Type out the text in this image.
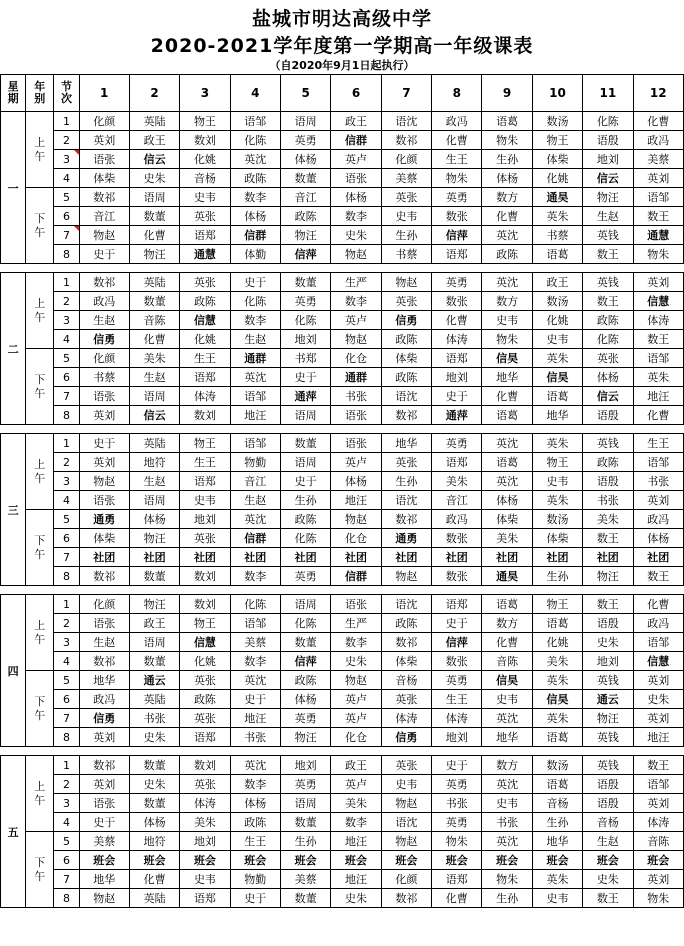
盐城市明达高级中学
2020-2021学年度第一学期高一年级课表
（自2020年9月1日起执行）
星
期	年
别	节
次	1	2	3	4	5	6	7	8	9	10	11	12
一	上
午	1	化颜	英陆	物王	语邹	语周	政王	语沈	政冯	语葛	数汤	化陈	化曹
		2	英刘	政王	数刘	化陈	英勇	信群	数祁	化曹	物朱	物王	语殷	政冯
		3	语张	信云	化姚	英沈	体杨	英卢	化颜	生王	生孙	体柴	地刘	美蔡
		4	体柴	史朱	音杨	政陈	数董	语张	美蔡	物朱	体杨	化姚	信云	英刘
	下
午	5	数祁	语周	史韦	数李	音江	体杨	英张	英勇	数方	通昊	物汪	语邹
		6	音江	数董	英张	体杨	政陈	数李	史韦	数张	化曹	英朱	生赵	数王
		7	物赵	化曹	语郑	信群	物汪	史朱	生孙	信萍	英沈	书蔡	英钱	通慧
		8	史于	物汪	通慧	体勤	信萍	物赵	书蔡	语郑	政陈	语葛	数王	物朱

二	上
午	1	数祁	英陆	英张	史于	数董	生严	物赵	英勇	英沈	政王	英钱	英刘
		2	政冯	数董	政陈	化陈	英勇	数李	英张	数张	数方	数汤	数王	信慧
		3	生赵	音陈	信慧	数李	化陈	英卢	信勇	化曹	史韦	化姚	政陈	体涛
		4	信勇	化曹	化姚	生赵	地刘	物赵	政陈	体涛	物朱	史韦	化陈	数王
	下
午	5	化颜	美朱	生王	通群	书郑	化仓	体柴	语郑	信昊	英朱	英张	语邹
		6	书蔡	生赵	语郑	英沈	史于	通群	政陈	地刘	地华	信昊	体杨	英朱
		7	语张	语周	体涛	语邹	通萍	书张	语沈	史于	化曹	语葛	信云	地汪
		8	英刘	信云	数刘	地汪	语周	语张	数祁	通萍	语葛	地华	语殷	化曹

三	上
午	1	史于	英陆	物王	语邹	数董	语张	地华	英勇	英沈	英朱	英钱	生王
		2	英刘	地符	生王	物勤	语周	英卢	英张	语郑	语葛	物王	政陈	语邹
		3	物赵	生赵	语郑	音江	史于	体杨	生孙	美朱	英沈	史韦	语殷	书张
		4	语张	语周	史韦	生赵	生孙	地汪	语沈	音江	体杨	英朱	书张	英刘
	下
午	5	通勇	体杨	地刘	英沈	政陈	物赵	数祁	政冯	体柴	数汤	美朱	政冯
		6	体柴	物汪	英张	信群	化陈	化仓	通勇	数张	美朱	体柴	数王	体杨
		7	社团	社团	社团	社团	社团	社团	社团	社团	社团	社团	社团	社团
		8	数祁	数董	数刘	数李	英勇	信群	物赵	数张	通昊	生孙	物汪	数王

四	上
午	1	化颜	物汪	数刘	化陈	语周	语张	语沈	语郑	语葛	物王	数王	化曹
		2	语张	政王	物王	语邹	化陈	生严	政陈	史于	数方	语葛	语殷	政冯
		3	生赵	语周	信慧	美蔡	数董	数李	数祁	信萍	化曹	化姚	史朱	语邹
		4	数祁	数董	化姚	数李	信萍	史朱	体柴	数张	音陈	美朱	地刘	信慧
	下
午	5	地华	通云	英张	英沈	政陈	物赵	音杨	英勇	信昊	英朱	英钱	英刘
		6	政冯	英陆	政陈	史于	体杨	英卢	英张	生王	史韦	信昊	通云	史朱
		7	信勇	书张	英张	地汪	英勇	英卢	体涛	体涛	英沈	英朱	物汪	英刘
		8	英刘	史朱	语郑	书张	物汪	化仓	信勇	地刘	地华	语葛	英钱	地汪

五	上
午	1	数祁	数董	数刘	英沈	地刘	政王	英张	史于	数方	数汤	英钱	数王
		2	英刘	史朱	英张	数李	英勇	英卢	史韦	英勇	英沈	语葛	语殷	语邹
		3	语张	数董	体涛	体杨	语周	美朱	物赵	书张	史韦	音杨	语殷	英刘
		4	史于	体杨	美朱	政陈	数董	数李	语沈	英勇	书张	生孙	音杨	体涛
	下
午	5	美蔡	地符	地刘	生王	生孙	地汪	物赵	物朱	英沈	地华	生赵	音陈
		6	班会	班会	班会	班会	班会	班会	班会	班会	班会	班会	班会	班会
		7	地华	化曹	史韦	物勤	美蔡	地汪	化颜	语郑	物朱	英朱	史朱	英刘
		8	物赵	英陆	语郑	史于	数董	史朱	数祁	化曹	生孙	史韦	数王	物朱
